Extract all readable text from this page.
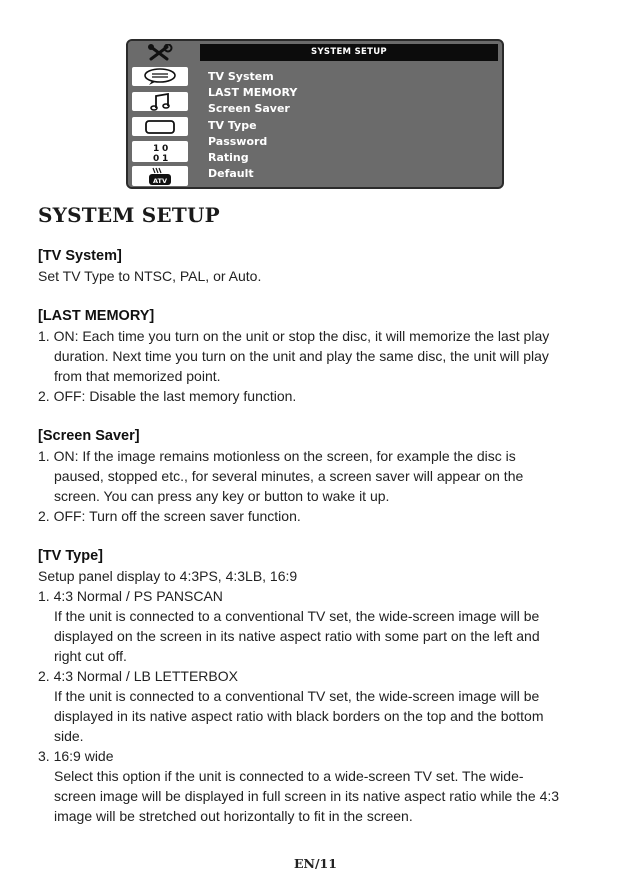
1 0
0 1
ATV
SYSTEM SETUP
TV System
LAST MEMORY
Screen Saver
TV Type
Password
Rating
Default
SYSTEM SETUP
[TV System]
Set TV Type to NTSC, PAL, or Auto.
[LAST MEMORY]
1. ON: Each time you turn on the unit or stop the disc, it will memorize the last play
duration. Next time you turn on the unit and play the same disc, the unit will play
from that memorized point.
2. OFF: Disable the last memory function.
[Screen Saver]
1. ON: If the image remains motionless on the screen, for example the disc is
paused, stopped etc., for several minutes, a screen saver will appear on the
screen. You can press any key or button to wake it up.
2. OFF: Turn off the screen saver function.
[TV Type]
Setup panel display to 4:3PS, 4:3LB, 16:9
1. 4:3 Normal / PS PANSCAN
If the unit is connected to a conventional TV set, the wide-screen image will be
displayed on the screen in its native aspect ratio with some part on the left and
right cut off.
2. 4:3 Normal / LB LETTERBOX
If the unit is connected to a conventional TV set, the wide-screen image will be
displayed in its native aspect ratio with black borders on the top and the bottom
side.
3. 16:9 wide
Select this option if the unit is connected to a wide-screen TV set. The wide-
screen image will be displayed in full screen in its native aspect ratio while the 4:3
image will be stretched out horizontally to fit in the screen.
EN/11
